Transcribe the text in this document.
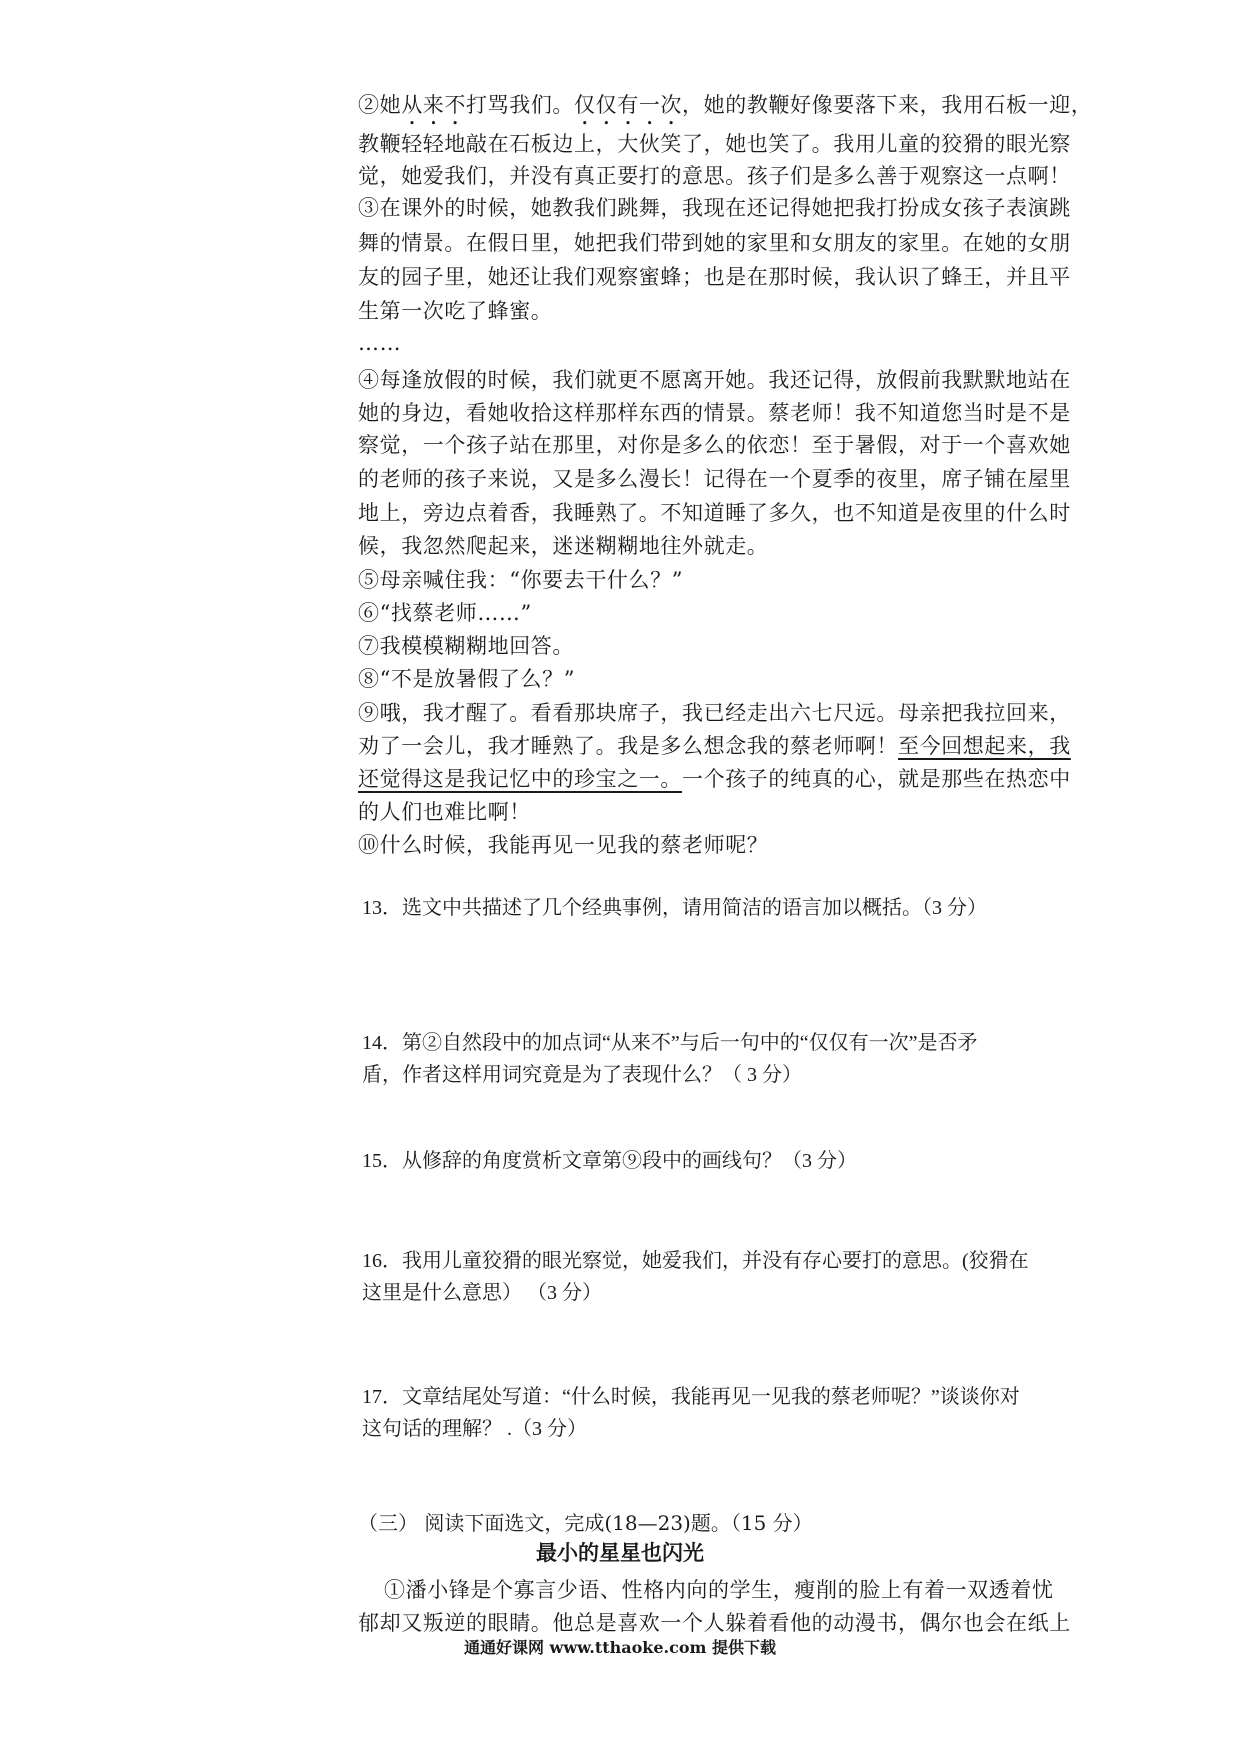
②她从来不打骂我们。仅仅有一次，她的教鞭好像要落下来，我用石板一迎，
教鞭轻轻地敲在石板边上，大伙笑了，她也笑了。我用儿童的狡猾的眼光察
觉，她爱我们，并没有真正要打的意思。孩子们是多么善于观察这一点啊！
③在课外的时候，她教我们跳舞，我现在还记得她把我打扮成女孩子表演跳
舞的情景。在假日里，她把我们带到她的家里和女朋友的家里。在她的女朋
友的园子里，她还让我们观察蜜蜂；也是在那时候，我认识了蜂王，并且平
生第一次吃了蜂蜜。
……
④每逢放假的时候，我们就更不愿离开她。我还记得，放假前我默默地站在
她的身边，看她收拾这样那样东西的情景。蔡老师！我不知道您当时是不是
察觉，一个孩子站在那里，对你是多么的依恋！至于暑假，对于一个喜欢她
的老师的孩子来说，又是多么漫长！记得在一个夏季的夜里，席子铺在屋里
地上，旁边点着香，我睡熟了。不知道睡了多久，也不知道是夜里的什么时
候，我忽然爬起来，迷迷糊糊地往外就走。
⑤母亲喊住我：“你要去干什么？”
⑥“找蔡老师……”
⑦我模模糊糊地回答。
⑧“不是放暑假了么？”
⑨哦，我才醒了。看看那块席子，我已经走出六七尺远。母亲把我拉回来，
劝了一会儿，我才睡熟了。我是多么想念我的蔡老师啊！至今回想起来，我
还觉得这是我记忆中的珍宝之一。一个孩子的纯真的心，就是那些在热恋中
的人们也难比啊！
⑩什么时候，我能再见一见我的蔡老师呢？
13．选文中共描述了几个经典事例，请用简洁的语言加以概括。（3 分）
14．第②自然段中的加点词“从来不”与后一句中的“仅仅有一次”是否矛
盾，作者这样用词究竟是为了表现什么？（ 3 分）
15．从修辞的角度赏析文章第⑨段中的画线句？（3 分）
16．我用儿童狡猾的眼光察觉，她爱我们，并没有存心要打的意思。(狡猾在
这里是什么意思） （3 分）
17．文章结尾处写道：“什么时候，我能再见一见我的蔡老师呢？”谈谈你对
这句话的理解？ .（3 分）
（三） 阅读下面选文，完成(18—23)题。（15 分）
最小的星星也闪光
①潘小锋是个寡言少语、性格内向的学生，瘦削的脸上有着一双透着忧
郁却又叛逆的眼睛。他总是喜欢一个人躲着看他的动漫书，偶尔也会在纸上
通通好课网 www.tthaoke.com 提供下载
